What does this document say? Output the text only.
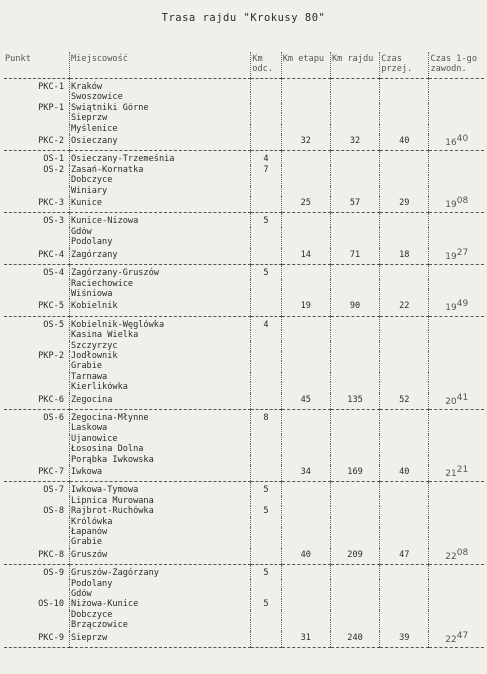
Trasa rajdu "Krokusy 80"
Punkt	Miejscowość	Km odc.	Km etapu	Km rajdu	Czas przej.	Czas 1-go zawodn.
PKC-1	Kraków					
	Swoszowice					
PKP-1	Świątniki Górne					
	Sieprzw					
	Myślenice					
PKC-2	Osieczany		32	32	40	$16^{40}$
OS-1	Osieczany-Trzemeśnia	4				
OS-2	Zasań-Kornatka	7				
	Dobczyce					
	Winiary					
PKC-3	Kunice		25	57	29	$19^{08}$
OS-3	Kunice-Nizowa	5				
	Gdów					
	Podolany					
PKC-4	Zagórzany		14	71	18	$19^{27}$
OS-4	Zagórzany-Gruszów	5				
	Raciechowice					
	Wiśniowa					
PKC-5	Kobielnik		19	90	22	$19^{49}$
OS-5	Kobielnik-Węglówka	4				
	Kasina Wielka					
	Szczyrzyc					
PKP-2	Jodłownik					
	Grabie					
	Tarnawa					
	Kierlikówka					
PKC-6	Zegocina		45	135	52	$20^{41}$
OS-6	Zegocina-Młynne	8				
	Laskowa					
	Ujanowice					
	Łososina Dolna					
	Porąbka Iwkowska					
PKC-7	Iwkowa		34	169	40	$21^{21}$
OS-7	Iwkowa-Tymowa	5				
	Lipnica Murowana					
OS-8	Rajbrot-Ruchówka	5				
	Królówka					
	Łapanów					
	Grabie					
PKC-8	Gruszów		40	209	47	$22^{08}$
OS-9	Gruszów-Zagórzany	5				
	Podolany					
	Gdów					
OS-10	Niżowa-Kunice	5				
	Dobczyce					
	Brzączowice					
PKC-9	Sieprzw		31	240	39	$22^{47}$
